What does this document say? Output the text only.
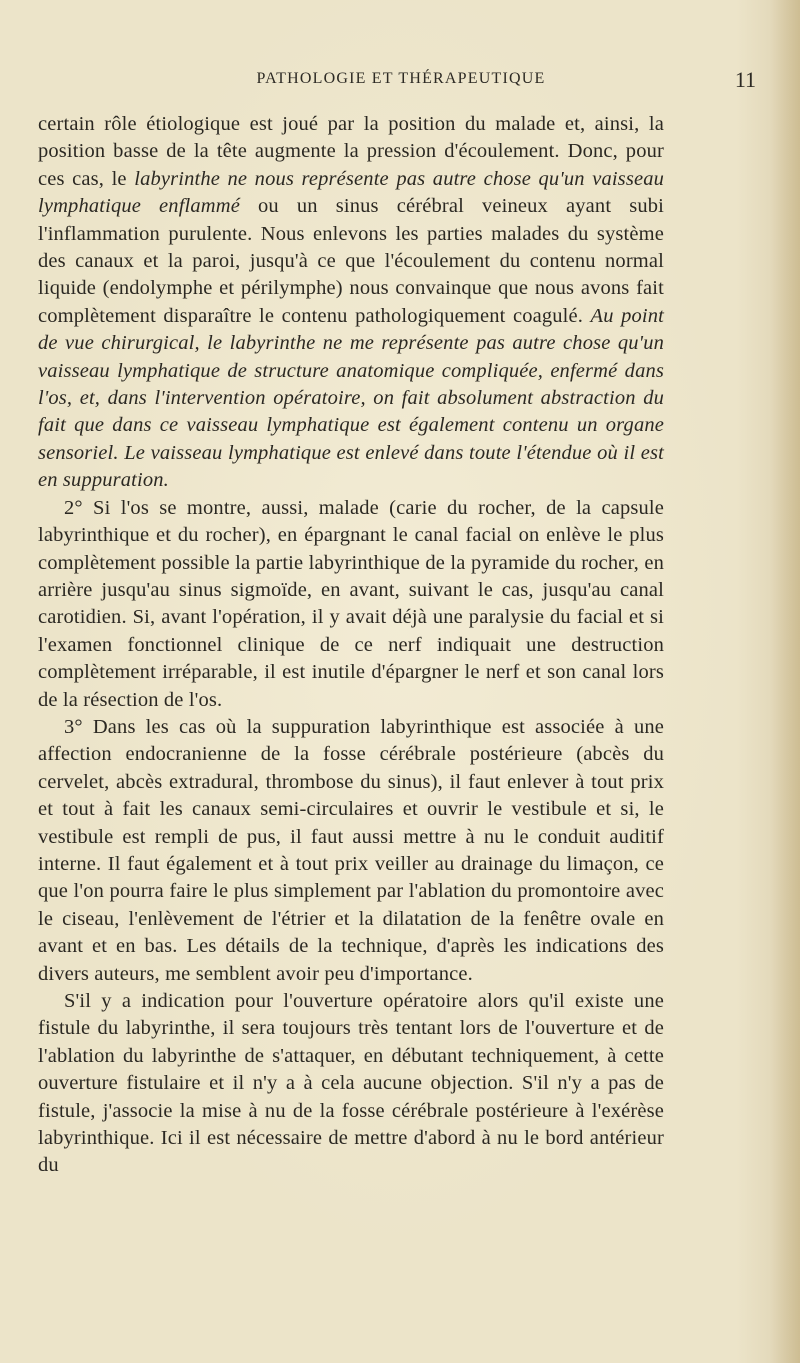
PATHOLOGIE ET THÉRAPEUTIQUE	11

certain rôle étiologique est joué par la position du malade et, ainsi, la position basse de la tête augmente la pression d'écoulement. Donc, pour ces cas, le labyrinthe ne nous représente pas autre chose qu'un vaisseau lymphatique enflammé ou un sinus cérébral veineux ayant subi l'inflammation purulente. Nous enlevons les parties malades du système des canaux et la paroi, jusqu'à ce que l'écoulement du contenu normal liquide (endolymphe et périlymphe) nous convainque que nous avons fait complètement disparaître le contenu pathologiquement coagulé. Au point de vue chirurgical, le labyrinthe ne me représente pas autre chose qu'un vaisseau lymphatique de structure anatomique compliquée, enfermé dans l'os, et, dans l'intervention opératoire, on fait absolument abstraction du fait que dans ce vaisseau lymphatique est également contenu un organe sensoriel. Le vaisseau lymphatique est enlevé dans toute l'étendue où il est en suppuration.

2° Si l'os se montre, aussi, malade (carie du rocher, de la capsule labyrinthique et du rocher), en épargnant le canal facial on enlève le plus complètement possible la partie labyrinthique de la pyramide du rocher, en arrière jusqu'au sinus sigmoïde, en avant, suivant le cas, jusqu'au canal carotidien. Si, avant l'opération, il y avait déjà une paralysie du facial et si l'examen fonctionnel clinique de ce nerf indiquait une destruction complètement irréparable, il est inutile d'épargner le nerf et son canal lors de la résection de l'os.

3° Dans les cas où la suppuration labyrinthique est associée à une affection endocranienne de la fosse cérébrale postérieure (abcès du cervelet, abcès extradural, thrombose du sinus), il faut enlever à tout prix et tout à fait les canaux semi-circulaires et ouvrir le vestibule et si, le vestibule est rempli de pus, il faut aussi mettre à nu le conduit auditif interne. Il faut également et à tout prix veiller au drainage du limaçon, ce que l'on pourra faire le plus simplement par l'ablation du promontoire avec le ciseau, l'enlèvement de l'étrier et la dilatation de la fenêtre ovale en avant et en bas. Les détails de la technique, d'après les indications des divers auteurs, me semblent avoir peu d'importance.

S'il y a indication pour l'ouverture opératoire alors qu'il existe une fistule du labyrinthe, il sera toujours très tentant lors de l'ouverture et de l'ablation du labyrinthe de s'attaquer, en débutant techniquement, à cette ouverture fistulaire et il n'y a à cela aucune objection. S'il n'y a pas de fistule, j'associe la mise à nu de la fosse cérébrale postérieure à l'exérèse labyrinthique. Ici il est nécessaire de mettre d'abord à nu le bord antérieur du
